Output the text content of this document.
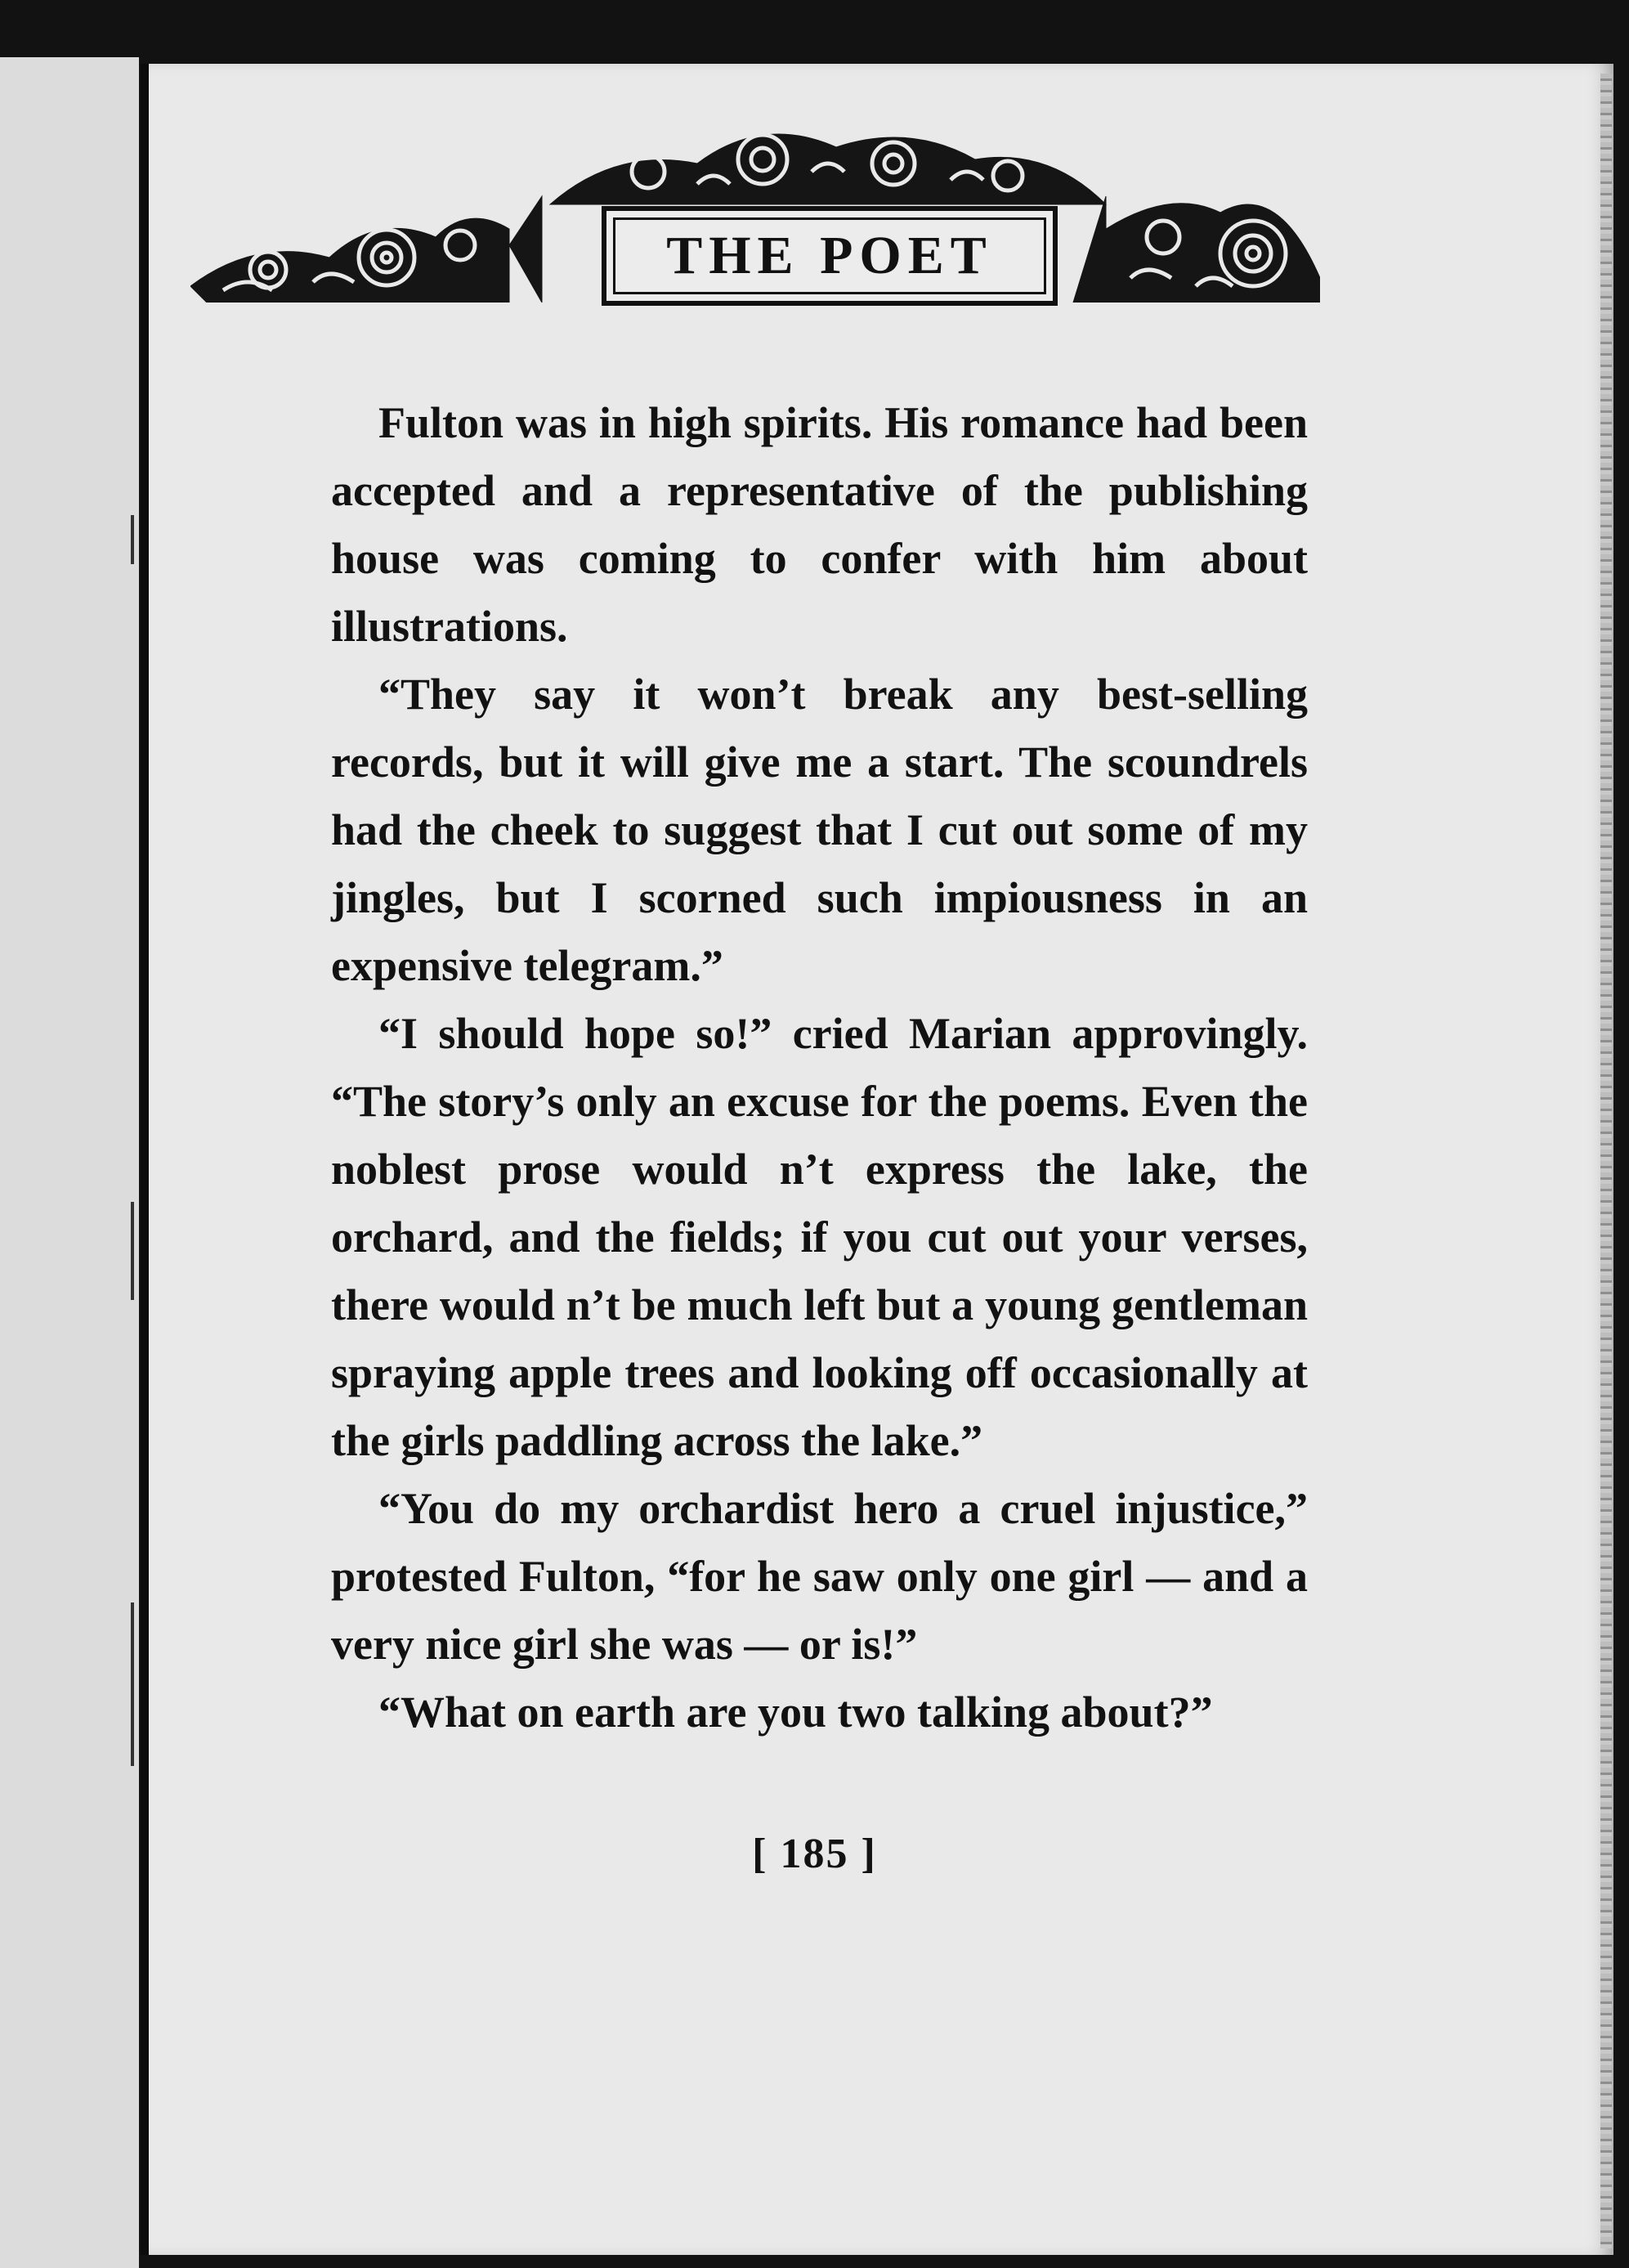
THE POET

Fulton was in high spirits. His romance had been accepted and a representative of the publishing house was coming to confer with him about illustrations.

“They say it won’t break any best-selling records, but it will give me a start. The scoundrels had the cheek to suggest that I cut out some of my jingles, but I scorned such impiousness in an expensive telegram.”

“I should hope so!” cried Marian approvingly. “The story’s only an excuse for the poems. Even the noblest prose would n’t express the lake, the orchard, and the fields; if you cut out your verses, there would n’t be much left but a young gentleman spraying apple trees and looking off occasionally at the girls paddling across the lake.”

“You do my orchardist hero a cruel injustice,” protested Fulton, “for he saw only one girl — and a very nice girl she was — or is!”

“What on earth are you two talking about?”

[ 185 ]
